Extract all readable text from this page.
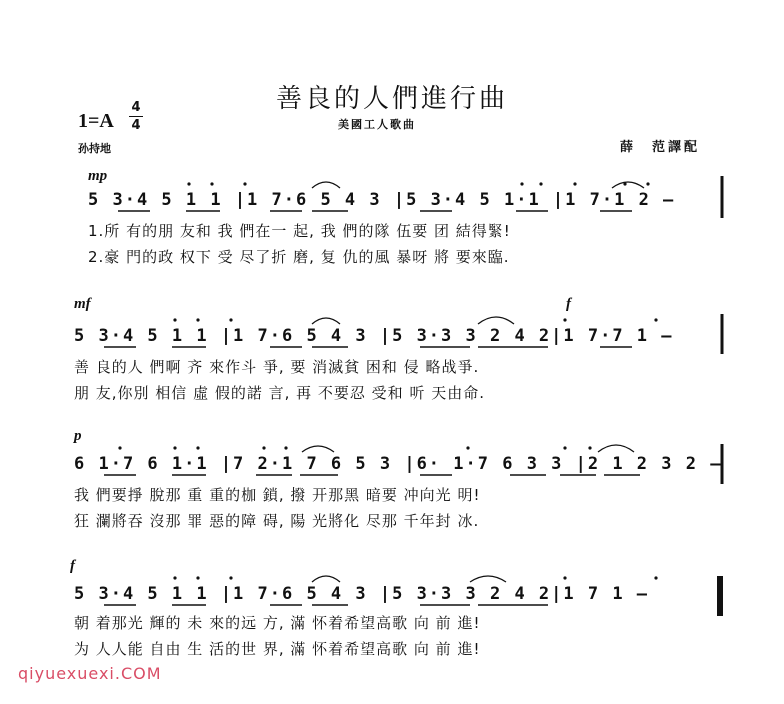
善良的人們進行曲
美國工人歌曲
1=A
4
4
孙持地	薛　范譯配
mp
5 3·4 5 1 1 |1 7·6 5 4 3 |5 3·4 5 1·1 |1 7·1 2 –
1.所 有的朋 友和 我 們在一 起, 我 們的隊 伍要 团 結得緊!
2.豪 門的政 权下 受 尽了折 磨, 复 仇的風 暴呀 將 要來臨.
mf	f
5 3·4 5 1 1 |1 7·6 5 4 3 |5 3·3 3 2 4 2|1 7·7 1 –
善 良的人 們啊 齐 來作斗 爭, 要 消滅貧 困和 侵 略战爭.
朋 友,你別 相信 虛 假的諾 言, 再 不要忍 受和 听 天由命.
p
6 1·7 6 1·1 |7 2·1 7 6 5 3 |6· 1·7 6 3 3 |2 1 2 3 2 –
我 們要掙 脫那 重 重的枷 鎖, 撥 开那黑 暗要 冲向光 明!
狂 瀾將吞 沒那 罪 惡的障 碍, 陽 光將化 尽那 千年封 冰.
f
5 3·4 5 1 1 |1 7·6 5 4 3 |5 3·3 3 2 4 2|1 7 1 –
朝 着那光 輝的 未 來的远 方, 滿 怀着希望高歌 向 前 進!
为 人人能 自由 生 活的世 界, 滿 怀着希望高歌 向 前 進!
qiyuexuexi.COM
